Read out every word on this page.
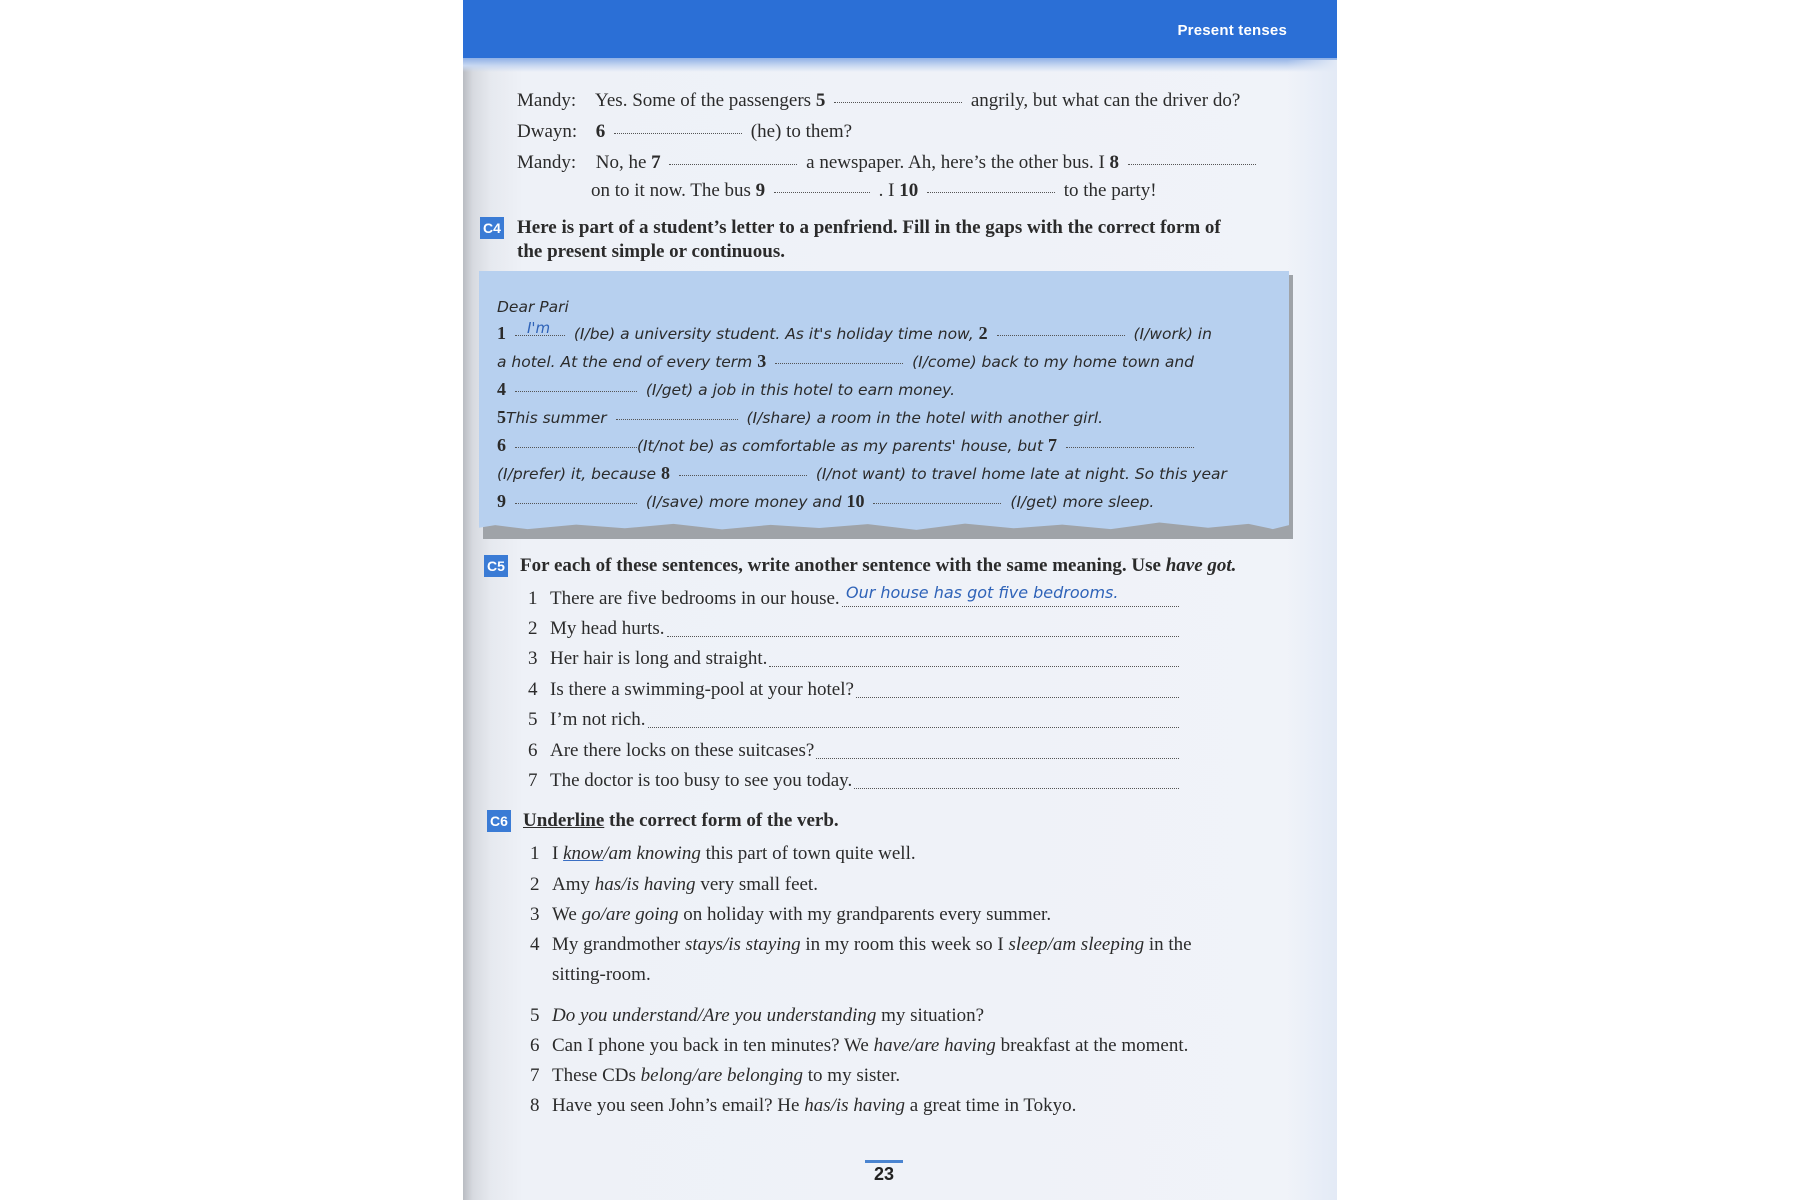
Present tenses
Mandy: Yes. Some of the passengers 5	angrily, but what can the driver do?
Dwayn: 6	(he) to them?
Mandy: No, he 7	a newspaper. Ah, here’s the other bus. I 8
on to it now. The bus 9	. I 10	to the party!
C4 Here is part of a student’s letter to a penfriend. Fill in the gaps with the correct form of
the present simple or continuous.
Dear Pari
1 I'm (I/be) a university student. As it's holiday time now, 2	(I/work) in
a hotel. At the end of every term 3	(I/come) back to my home town and
4	(I/get) a job in this hotel to earn money.
5This summer	(I/share) a room in the hotel with another girl.
6	(It/not be) as comfortable as my parents' house, but 7
(I/prefer) it, because 8	(I/not want) to travel home late at night. So this year
9	(I/save) more money and 10	(I/get) more sleep.
C5 For each of these sentences, write another sentence with the same meaning. Use have got.
1 There are five bedrooms in our house. Our house has got five bedrooms.
2 My head hurts.
3 Her hair is long and straight.
4 Is there a swimming-pool at your hotel?
5 I’m not rich.
6 Are there locks on these suitcases?
7 The doctor is too busy to see you today.
C6 Underline the correct form of the verb.
1 I know/am knowing this part of town quite well.
2 Amy has/is having very small feet.
3 We go/are going on holiday with my grandparents every summer.
4 My grandmother stays/is staying in my room this week so I sleep/am sleeping in the
sitting-room.
5 Do you understand/Are you understanding my situation?
6 Can I phone you back in ten minutes? We have/are having breakfast at the moment.
7 These CDs belong/are belonging to my sister.
8 Have you seen John’s email? He has/is having a great time in Tokyo.
23
